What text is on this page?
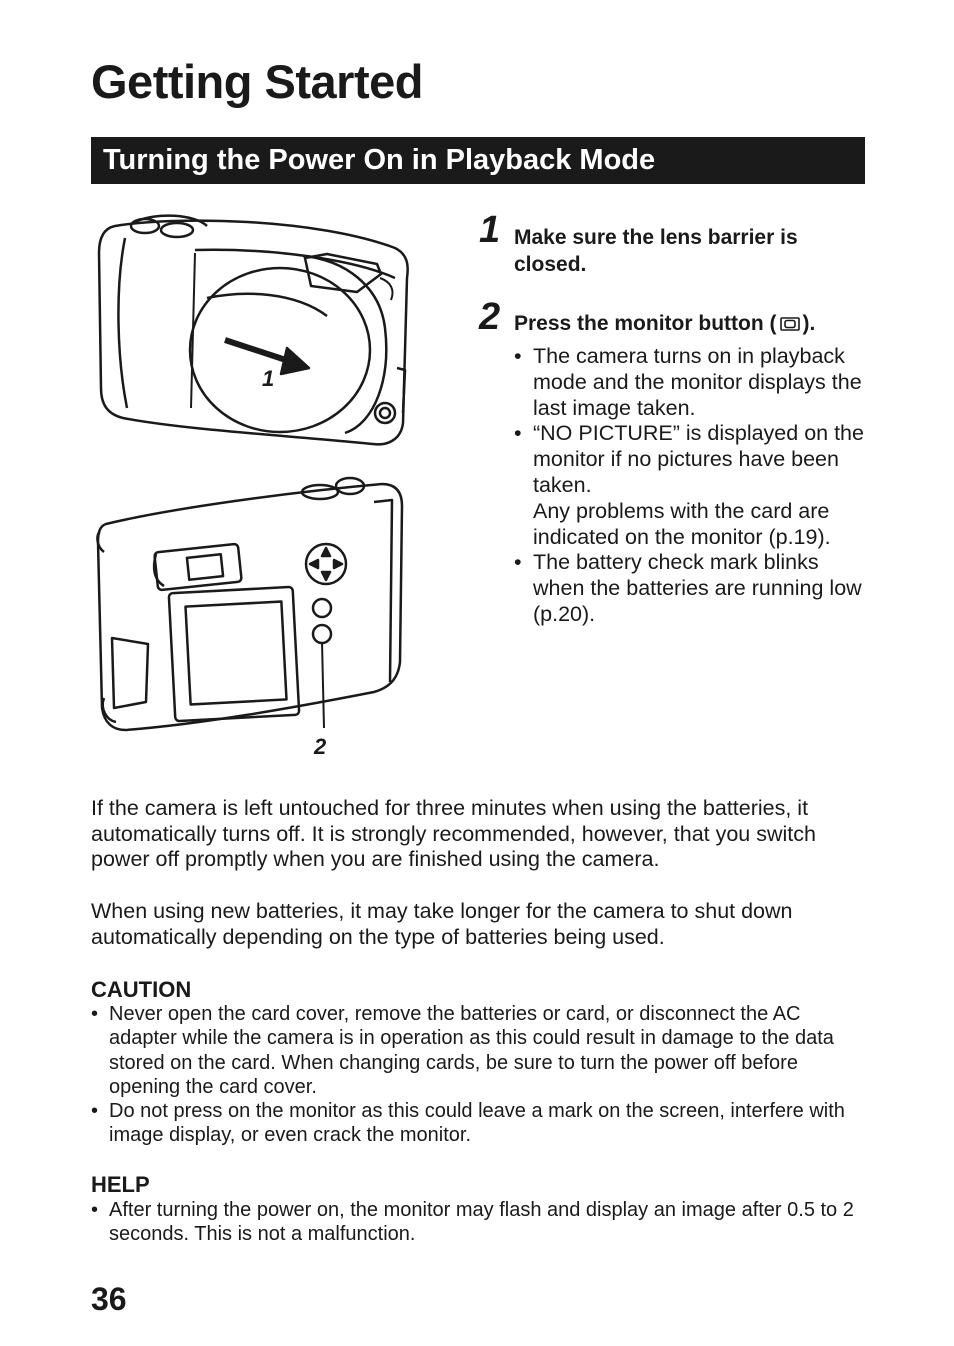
Getting Started
Turning the Power On in Playback Mode
1
2
1 Make sure the lens barrier is closed.
2 Press the monitor button ( ).
• The camera turns on in playback mode and the monitor displays the last image taken.
• “NO PICTURE” is displayed on the monitor if no pictures have been taken.
Any problems with the card are indicated on the monitor (p.19).
• The battery check mark blinks when the batteries are running low (p.20).

If the camera is left untouched for three minutes when using the batteries, it automatically turns off. It is strongly recommended, however, that you switch power off promptly when you are finished using the camera.

When using new batteries, it may take longer for the camera to shut down automatically depending on the type of batteries being used.

CAUTION
• Never open the card cover, remove the batteries or card, or disconnect the AC adapter while the camera is in operation as this could result in damage to the data stored on the card. When changing cards, be sure to turn the power off before opening the card cover.
• Do not press on the monitor as this could leave a mark on the screen, interfere with image display, or even crack the monitor.
HELP
• After turning the power on, the monitor may flash and display an image after 0.5 to 2 seconds. This is not a malfunction.
36
